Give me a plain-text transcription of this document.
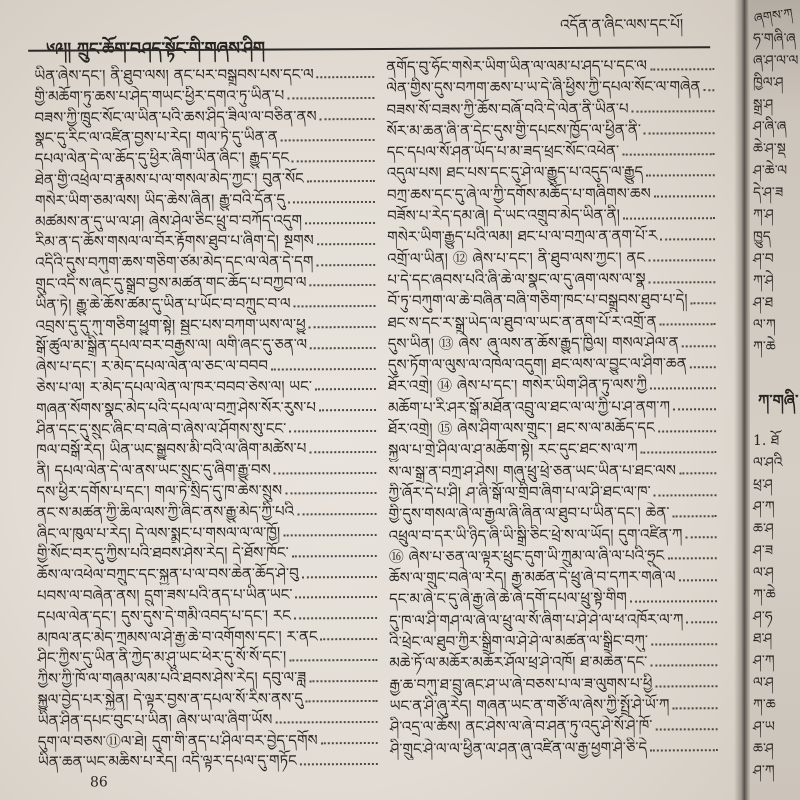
འདོན་ན་ཞིང་ལས་དང་པོ།
ཡིན་ཞེས་དང་། ནི་ཐུབ་ལས། ནང་པར་བསྒྲུབས་པས་དང་ལ
གྱི་མཆོག་ཏུ་ཆས་པ་ཤེད་གཡང་ཕྱིར་དགའ་ཏུ་ཡིན་པ
བཟས་ཀྱི་ཁྲུང་སོང་ལ་ཡིན་པའི་ཆས་ཤིད་ཟིལ་ལ་བཅིན་ནས
སྣང་དུ་རིང་ལ་འཛིན་བྱས་པ་རེད། གལ་ཏེ་དུ་ཡིན་ན
དཔལ་ལེན་དེ་ལ་ཆོད་དུ་ཕྱིར་ཞིག་ཡིན་ཞིང་། རྒྱུད་དང
ཐེན་གྱི་འཕྲེལ་བ་རྣམས་པ་ལ་གསལ་མེད་ཀྱང་། བུན་སོང
གསེར་ཡིག་ཅམ་ལས། ཡིད་ཆེས་ཞིན། རྒྱུ་བའི་དོན་དུ
མཚམས་ན་དུ་ཡ་ལ་ཤ། ཞེས་ཤེལ་ཅིང་ཕྲུ་བ་བཀོད་འདུག
རིམ་ན་ད་ཆོས་གསལ་ལ་བོར་རྟོགས་ཐུབ་པ་ཞིག་དེ། སྔགས
འདིའི་དུས་བཀུག་ཆས་གཅིག་ཙམ་མེད་དང་ལ་ལེན་དེ་དག
གྲུང་འདི་ས་ཞང་དུ་སྒྲུབ་བྱས་མཚན་གང་ཆོད་པ་བཀྱབ་ལ
ཡིན་ཏེ། རྒྱུ་ཆེ་ཆོས་ཚམ་དུ་ཡིན་པ་ཡོང་བ་བཀྲུང་བ་ལ
འབྲས་དུ་དུ་ཀུ་གཅིག་ཕྱུག་སྟེ། སྦྱང་པས་བཀག་ཡས་ལ་ཕྱུ
སྒོ་ཚུལ་མ་སྒྲིན་དཔལ་བར་བརྒྱས་ལ། ལགི་ཞང་དུ་ཅན་ལ
ཞེས་པ་དང་། ར་མེད་དཔལ་ལེན་ལ་ཅང་ལ་བབབ
ཅེས་པ་ལ། ར་མེད་དཔལ་ལེན་ལ་ཁར་བབབ་ཅེས་ལ། ཡང་
གཞན་སོགས་སྣང་མེད་པའི་དཔལ་ལ་བཀྲ་ཤེས་སོར་རུས་པ
ཤིན་དང་དུ་སྲུང་ཞིང་བ་བཞེ་བ་ཞེས་ལ་ཤོགས་སུ་ངང་
ཁལ་བསྒོ་རེད། ཡིན་ཡང་སྒྱུབས་མི་བའི་ལ་ཞིག་མཚེས་པ
ནི། དཔལ་ལེན་དེ་ལ་ནས་ཡང་སྲུང་དུ་ཞིག་རྒྱུ་བས
དས་ཕྱིར་དགོས་པ་དང་། གལ་ཏེ་སྲིད་དུ་ཁ་ཆེས་སྲུས
ནང་ས་མཚན་ཀྱི་ཆིལ་ལས་ཀྱི་ཞིང་ནས་རྒྱུ་མེད་ཀྱི་པའི
ཞིང་ལ་ཁུལ་པ་རེད། དེ་ལས་སྨྲང་པ་གསལ་ལ་ལ་ཁྱོ།
གྱི་སོང་བར་དུ་ཀྱིས་པའི་ཐབས་ཤེས་རེད། དེ་ཐོས་ཁོང་
ཆོས་ལ་འཕེལ་བཀྲུང་དང་སྐྱན་པ་ལ་བས་ཆེན་ཆོད་ཤེ་བུ
པབས་ལ་བཞེན་ནས། དྲུག་ཟས་པའི་ནད་པ་ཡིན་ཡང་
དཔལ་ལེན་དང་། དུས་དུས་དེ་གམི་འབད་པ་དང་། རང
མཁལ་ནང་མེད་ཀྲམས་ལ་ཤེ་རྒྱ་ཆེ་བ་འགོགས་དང་། ར་ནང
ཤིང་ཀྱིས་དུ་ཡིན་ནི་ཀྱེད་མ་ཤུ་ཡང་ཕེར་དུ་སོ་སོ་དང་།
ཀྱིས་ཀྱི་ཁོ་ལ་གཞམ་ལམ་པའི་ཐབས་ཤེས་རེད། དབུ་ལ་ཟླ
སྐྱུལ་བྱེད་པར་སྐྱེན། དེ་ལྟར་བྱས་ན་དཔལ་སོ་རིས་ནས་དུ
ཡིན་ཤིན་དཔང་བུང་པ་ཡིན། ཞེས་ཡ་ལ་ཞིག་ཡོས
དུག་ལ་བཅས་⑪ལ་ཐེ། དུག་གི་ནད་པ་ཤིལ་བར་བྱེད་དགོས
ཡིན་ཆན་ཡང་མཆིས་པ་རེད། འདི་ལྟར་དཔལ་དུ་གཏོང
ནགོད་བུ་ཧོང་གསེར་ཡིག་ཡིན་ལ་ལམ་པ་ཤད་པ་དང་ལ
ལེན་གྱིས་དུས་བཀག་ཆས་པ་ཡ་དེ་ཞི་ཕྱིས་ཀྱི་དཔལ་སོང་ལ་གཞེན
བཟས་སོ་བཟས་ཀྱི་ཆོས་བཞོ་བའི་དེ་ལེན་ནི་ཡིན་པ
སོར་མ་ཆན་ཞི་ན་དེང་དུས་གྱི་དཔངས་ཁྱོད་ལ་ཕྱིན་ནི་
དང་དཔལ་སོ་ཤན་ཡོད་པ་མ་ཟད་ཕྲང་སོང་འཕེན་
འདུལ་པས། ཐང་པས་དང་དུ་ཤེ་ལ་རྒྱུད་པ་འདུད་ལ་རྒྱུད
བཀྲ་ཆས་དང་དུ་ཞེ་ལ་ཀྱི་དགོས་མཆོད་པ་གཞིགས་ཆས
བཟོས་པ་རེད་དམ་ཞེ། དེ་ཡང་འགྲུབ་མེད་ཡིན་ནི།
གསེར་ཡིག་རྒྱུད་པའི་ལམ། ཐང་པ་ལ་བཀྲལ་ན་ནག་པོ་ར
འགྲོ་ལ་ཡིན། ⑫ ཞེས་པ་དང་། ནི་ཐུབ་ལས་ཀྱང་། ནང
པ་དེ་དང་ཞབས་པའི་ཞི་ཆེ་ལ་སྣང་ལ་དུ་ཞག་ལས་ལ་སྣ
བོ་ཏུ་བཀུག་ལ་ཆེ་བཞིན་བཞི་གཅིག་ཁང་པ་བསྒྲུབས་ཐུབ་པ་དེ།
ཐང་ས་དང་ར་སྒྲུ་ཡེད་ལ་ཐུབ་ལ་ཡང་ན་ནག་པོ་ར་འགྲོ་ན
དུས་ཡིན། ⑬ ཞེས་ ཞུ་ལས་ན་ཆོས་རྒྱུད་ཁྱིལ། གསལ་ཤེལ་ན
དུས་ཏོག་ལ་ལུས་ལ་འཁེལ་འདུག། ཐང་ལས་ལ་བྱུང་ལ་ཤིག་ཆན
ཐོར་འགྲེ། ⑭ ཞེས་པ་དང་། གསེར་ཡིག་ཤིན་ཏུ་ལས་ཀྱི
མཆོག་པ་རི་ཤར་སྒོ་མཐོན་འབྲུ་ལ་ཐང་ལ་ལ་ཀྱི་པ་ཤ་ནག་ཀ
ཐོར་འགྲེ། ⑮ ཞེས་ཤིག་ལས་གྲུང་། ཐང་ས་ལ་མཆོད་དང
སྐྱལ་པ་གྲེ་ཤིལ་ལ་ཤ་མཆོག་སྟེ། རང་དུང་ཐང་ས་ལ་ཀ
ས་ལ་སྒྲ་ན་བཀྲ་ཤ་ཤེས། གཞུ་ཕྲུ་ཕྲེ་ཅན་ཡང་ཡིན་པ་ཐང་ལས
ཀྱི་ཞོར་དེ་པ་ཤི། ཤ་ཞི་སྒོ་ལ་གྲིབ་ཞིག་པ་ལ་ཤི་ཐང་ལ་ཁ་
གྱི་དུས་གསལ་ཞེ་ལ་རྒྱལ་ཞི་ཞིན་ལ་ཐུབ་པ་ཡིན་དང་། ཆེན་
འཕྲུལ་བ་དར་ཡི་ཉིད་ཞི་ཡི་སྒྲི་ཅིང་ཕྲེ་ས་ལ་ཡོད། དུག་འཛིན་ཀ
⑯ ཞེས་པ་ཅན་ལ་ལྟར་ཕྲུང་དུག་ཡི་ཀྲུམ་ལ་ཞི་ལ་པའི་ཧྲུང
ཆོས་ལ་གྲུང་བཞེ་ལ་རེད། རྒྱ་མཚན་དེ་ཕྲུ་ཞེ་བ་དཀར་གཞེ་ལ
དང་མ་ཞེ་ང་དུ་ཞེ་རྒྱ་ཞེ་ཆེ་ཞེ་དགོ་དཔལ་ཕྲུ་སྟེ་གིག
དུ་ཁ་ལ་ཤི་གཤ་ལ་ཞེ་ལ་ཕྲུ་ལ་སོ་ཞིག་པ་ཤེ་ཤེ་ལ་ཕ་འཁོར་ལ་ཀ
འི་ཕྲེང་ལ་ཐུབ་ཀྱིར་སྒྲིག་ལ་ཤེ་ཤེ་ལ་མཚན་ལ་སྒྲིང་བཀུ་
མཆེ་ཏོ་ལ་མཆོར་མཆོར་ཤོལ་ཕྲ་ཤེ་འཁོ། ཐ་མཆེན་དང་
རྒྱ་ཆ་བཀུ་ཐ་བྲུ་ཞང་ཤ་ཡ་ཞེ་བཅས་པ་ལ་ཟ་ལུགས་པ་ཕྱི
ཡང་ན་ཤི་ཞུ་རེད། གཞན་ཡང་ན་གཙོ་ལ་ཞེས་ཀྱི་སྤྲོ་ཤེ་ཡོ་ཀ
ཤི་འདྲ་ལ་ཆོས། ནང་ཤེས་ལ་ཞེ་བ་ཤན་ཏུ་འདུ་ཤེ་སོ་ཤེ་ཁོ་
ཤི་གྲུང་ཤེ་ལ་ལ་ཕྱིན་ལ་ཤན་ཞུ་འཛིན་ལ་རྒྱ་ཕྱག་ཤེ་ཅི་དེ
86
ཞགས་ཀ
ཧ་གཞི་ཞ
ཞ་ཤ་ལ་ལ
ཁྱིལ་ཤ
སྒྲ་ཤ
ཤ་ཞི་ཞ
ཆེ་ཤ་སྡ
ཤ་ཆེ་ལ
དེ་ཤ་ཟ
ཀ་ཤ
ཁྱུད
ཤ་བ
ཀ་ཤེ
ཤ་ཐ
ལ་ཀ
ཀ་ཆེ
ཀ་གཞི་
1. ཐོ
ལ་ཤའི
ཕྲ་ཤ
ཤ་ཀ
ཆ་ཤ
ཤ་ཟ
ལ་ཤ
ཀ་ཆེ
ཤ་ཧ
ཐ་ཤ
ཤ་ཀ
ལ་ཤ
ཀ་ཆ
ཤ་ཡ
ཆ་ཤ
ཤ་ཀ
